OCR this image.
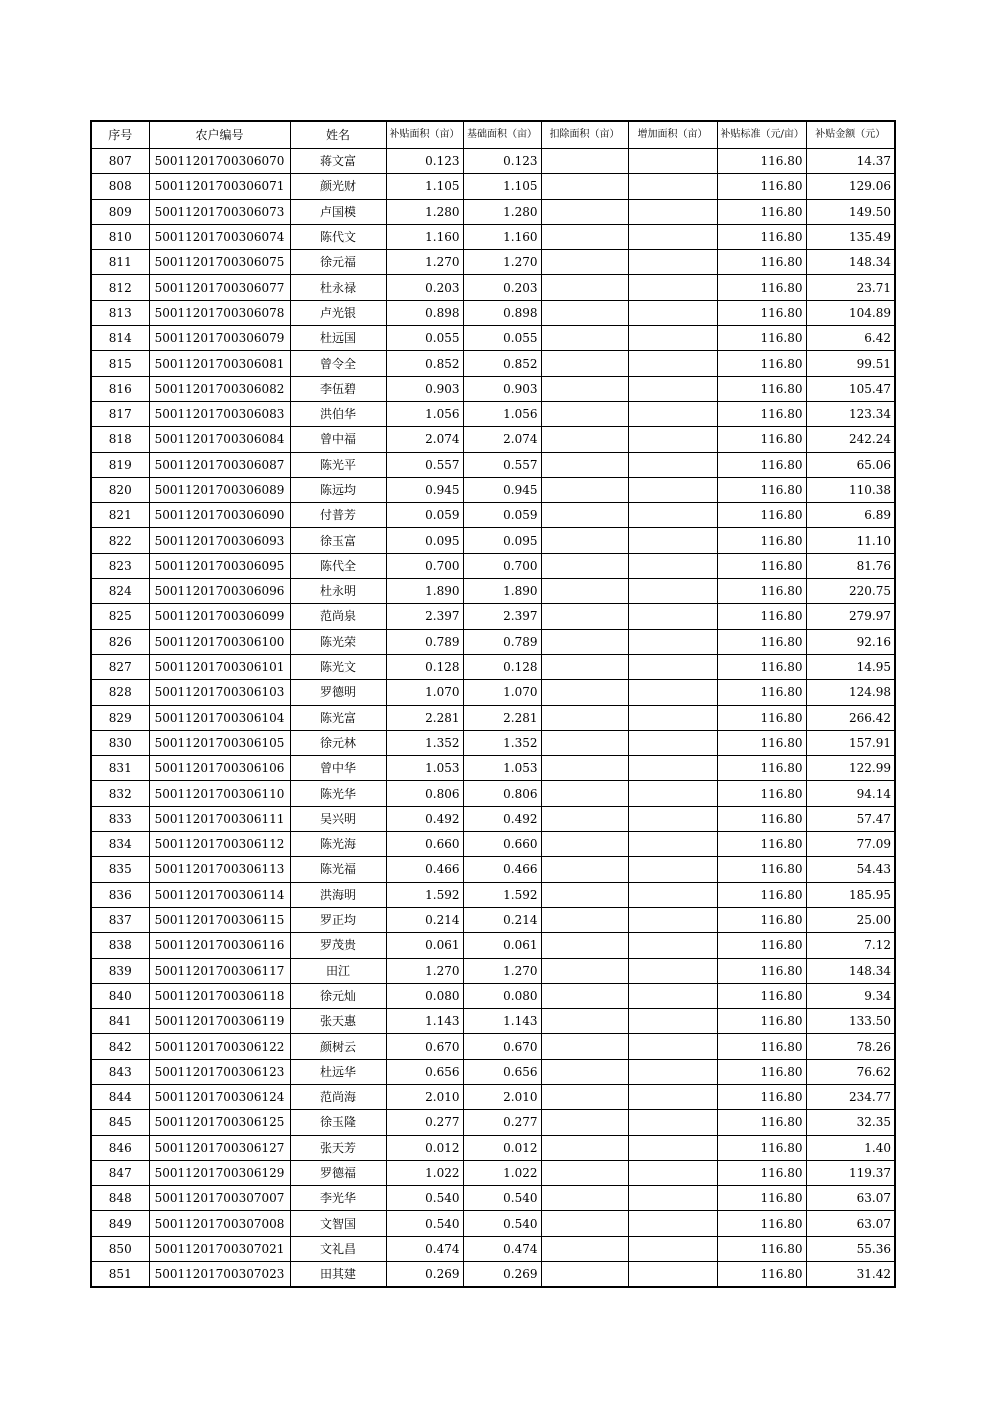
序号	农户编号	姓名	补贴面积（亩）	基础面积（亩）	扣除面积（亩）	增加面积（亩）	补贴标准（元/亩）	补贴金额（元）
807	50011201700306070	蒋文富	0.123	0.123			116.80	14.37
808	50011201700306071	颜光财	1.105	1.105			116.80	129.06
809	50011201700306073	卢国模	1.280	1.280			116.80	149.50
810	50011201700306074	陈代文	1.160	1.160			116.80	135.49
811	50011201700306075	徐元福	1.270	1.270			116.80	148.34
812	50011201700306077	杜永禄	0.203	0.203			116.80	23.71
813	50011201700306078	卢光银	0.898	0.898			116.80	104.89
814	50011201700306079	杜远国	0.055	0.055			116.80	6.42
815	50011201700306081	曾令全	0.852	0.852			116.80	99.51
816	50011201700306082	李伍碧	0.903	0.903			116.80	105.47
817	50011201700306083	洪伯华	1.056	1.056			116.80	123.34
818	50011201700306084	曾中福	2.074	2.074			116.80	242.24
819	50011201700306087	陈光平	0.557	0.557			116.80	65.06
820	50011201700306089	陈远均	0.945	0.945			116.80	110.38
821	50011201700306090	付普芳	0.059	0.059			116.80	6.89
822	50011201700306093	徐玉富	0.095	0.095			116.80	11.10
823	50011201700306095	陈代全	0.700	0.700			116.80	81.76
824	50011201700306096	杜永明	1.890	1.890			116.80	220.75
825	50011201700306099	范尚泉	2.397	2.397			116.80	279.97
826	50011201700306100	陈光荣	0.789	0.789			116.80	92.16
827	50011201700306101	陈光文	0.128	0.128			116.80	14.95
828	50011201700306103	罗德明	1.070	1.070			116.80	124.98
829	50011201700306104	陈光富	2.281	2.281			116.80	266.42
830	50011201700306105	徐元林	1.352	1.352			116.80	157.91
831	50011201700306106	曾中华	1.053	1.053			116.80	122.99
832	50011201700306110	陈光华	0.806	0.806			116.80	94.14
833	50011201700306111	吴兴明	0.492	0.492			116.80	57.47
834	50011201700306112	陈光海	0.660	0.660			116.80	77.09
835	50011201700306113	陈光福	0.466	0.466			116.80	54.43
836	50011201700306114	洪海明	1.592	1.592			116.80	185.95
837	50011201700306115	罗正均	0.214	0.214			116.80	25.00
838	50011201700306116	罗茂贵	0.061	0.061			116.80	7.12
839	50011201700306117	田江	1.270	1.270			116.80	148.34
840	50011201700306118	徐元灿	0.080	0.080			116.80	9.34
841	50011201700306119	张天惠	1.143	1.143			116.80	133.50
842	50011201700306122	颜树云	0.670	0.670			116.80	78.26
843	50011201700306123	杜远华	0.656	0.656			116.80	76.62
844	50011201700306124	范尚海	2.010	2.010			116.80	234.77
845	50011201700306125	徐玉隆	0.277	0.277			116.80	32.35
846	50011201700306127	张天芳	0.012	0.012			116.80	1.40
847	50011201700306129	罗德福	1.022	1.022			116.80	119.37
848	50011201700307007	李光华	0.540	0.540			116.80	63.07
849	50011201700307008	文智国	0.540	0.540			116.80	63.07
850	50011201700307021	文礼昌	0.474	0.474			116.80	55.36
851	50011201700307023	田其建	0.269	0.269			116.80	31.42
